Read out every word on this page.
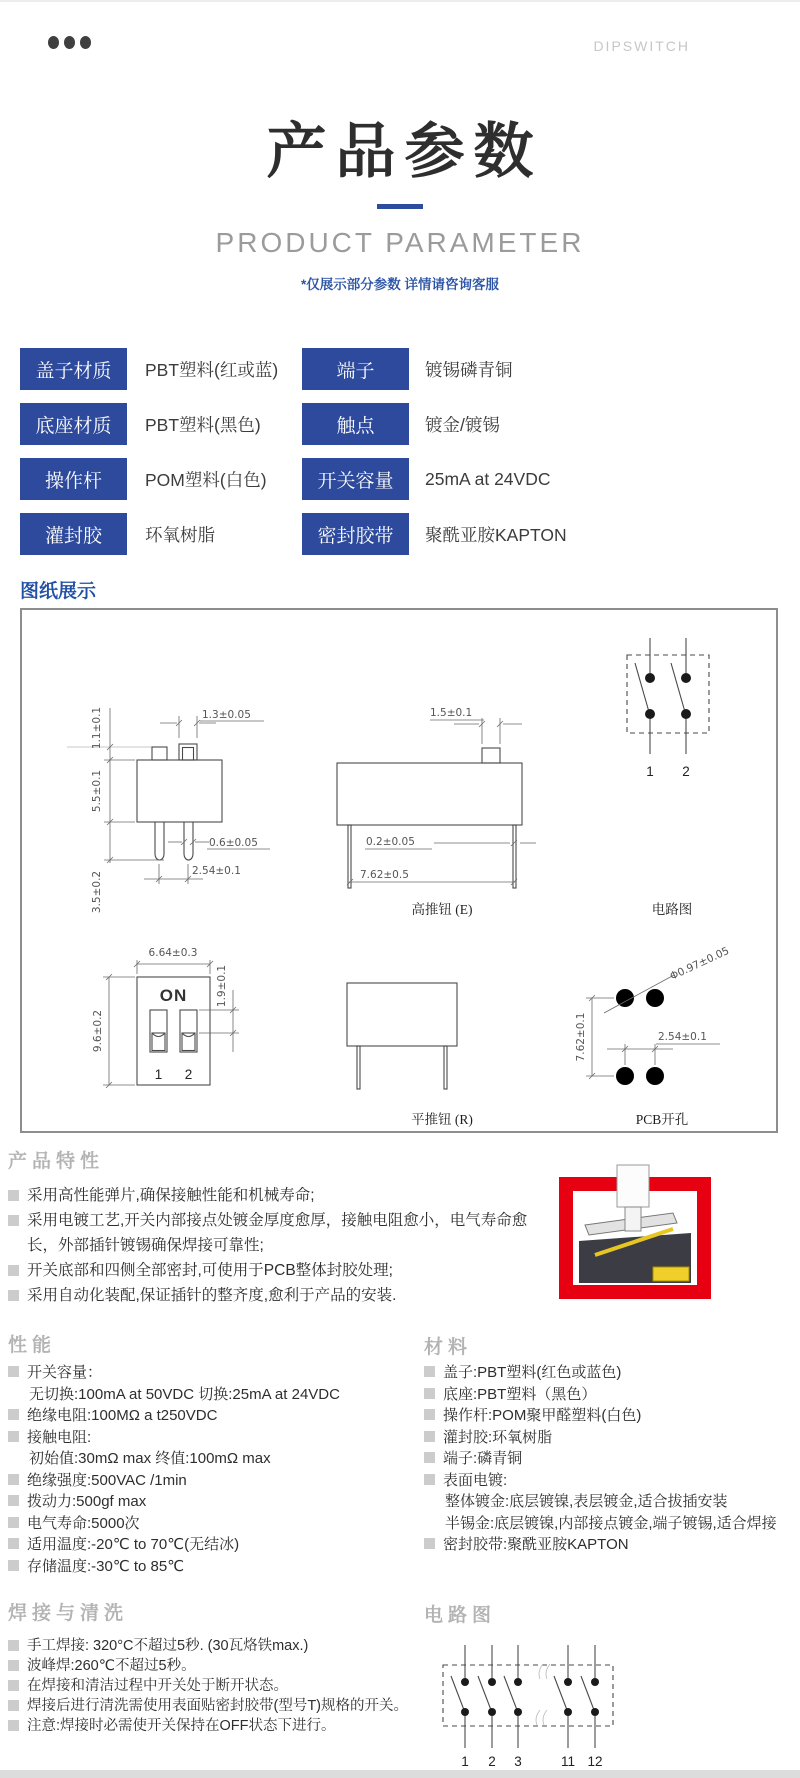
DIPSWITCH
产品参数
PRODUCT PARAMETER
*仅展示部分参数 详情请咨询客服
盖子材质	PBT塑料(红或蓝)	端子	镀锡磷青铜
底座材质	PBT塑料(黑色)	触点	镀金/镀锡
操作杆	POM塑料(白色)	开关容量	25mA at 24VDC
灌封胶	环氧树脂	密封胶带	聚酰亚胺KAPTON
图纸展示
1.1±0.1	1.3±0.05
5.5±0.1
0.6±0.05
2.54±0.1
3.5±0.2
1.5±0.1
0.2±0.05
7.62±0.5
高推钮 (E)
1 2
电路图
ON
1 2
6.64±0.3
1.9±0.1
9.6±0.2
平推钮 (R)
Φ0.97±0.05
7.62±0.1	2.54±0.1
PCB开孔
产品特性
采用高性能弹片,确保接触性能和机械寿命;
采用电镀工艺,开关内部接点处镀金厚度愈厚，接触电阻愈小，电气寿命愈长，外部插针镀锡确保焊接可靠性;
开关底部和四侧全部密封,可使用于PCB整体封胶处理;
采用自动化装配,保证插针的整齐度,愈利于产品的安装.
性能
开关容量：
无切换:100mA at 50VDC 切换:25mA at 24VDC
绝缘电阻:100MΩ a t250VDC
接触电阻:
初始值:30mΩ max 终值:100mΩ max
绝缘强度:500VAC /1min
拨动力:500gf max
电气寿命:5000次
适用温度:-20℃ to 70℃(无结冰)
存储温度:-30℃ to 85℃
材料
盖子:PBT塑料(红色或蓝色)
底座:PBT塑料（黑色）
操作杆:POM聚甲醛塑料(白色)
灌封胶:环氧树脂
端子:磷青铜
表面电镀:
整体镀金:底层镀镍,表层镀金,适合拔插安装
半锡金:底层镀镍,内部接点镀金,端子镀锡,适合焊接
密封胶带:聚酰亚胺KAPTON
焊接与清洗
手工焊接: 320°C不超过5秒. (30瓦烙铁max.)
波峰焊:260℃不超过5秒。
在焊接和清洁过程中开关处于断开状态。
焊接后进行清洗需使用表面贴密封胶带(型号T)规格的开关。
注意:焊接时必需使开关保持在OFF状态下进行。
电路图
1 2 3	11 12
